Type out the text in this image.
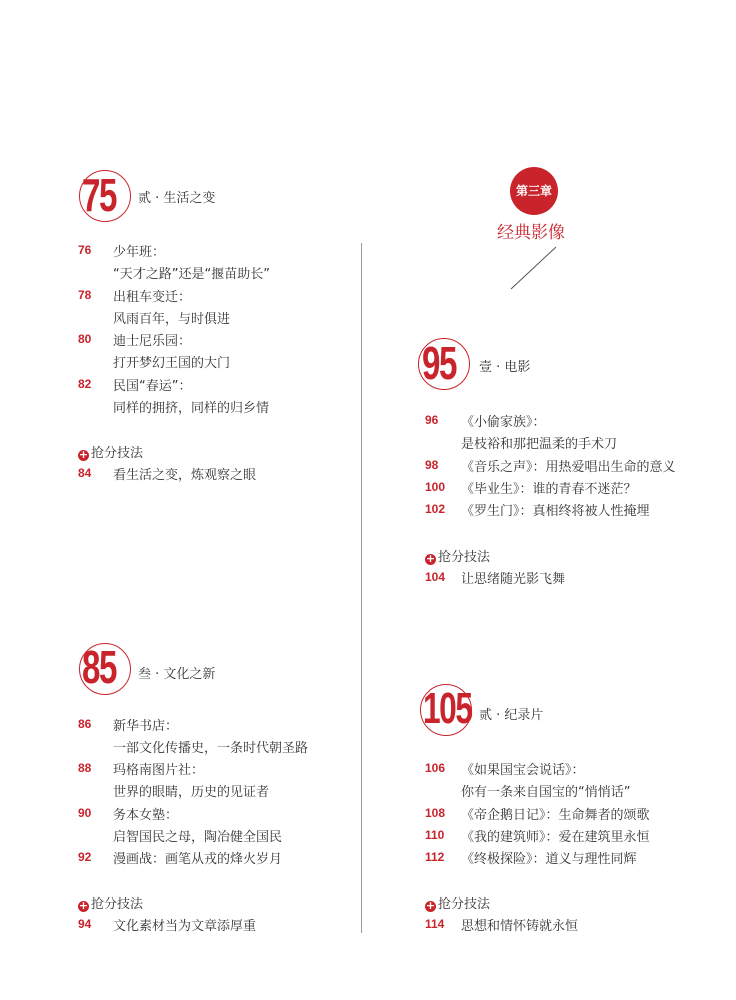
第三章
经典影像
75 贰 · 生活之变
76 少年班：
“天才之路”还是“揠苗助长”
78 出租车变迁：
风雨百年，与时俱进
80 迪士尼乐园：
打开梦幻王国的大门
82 民国“春运”：
同样的拥挤，同样的归乡情
+ 抢分技法
84 看生活之变，炼观察之眼
85 叁 · 文化之新
86 新华书店：
一部文化传播史，一条时代朝圣路
88 玛格南图片社：
世界的眼睛，历史的见证者
90 务本女塾：
启智国民之母，陶冶健全国民
92 漫画战：画笔从戎的烽火岁月
+ 抢分技法
94 文化素材当为文章添厚重
95 壹 · 电影
96 《小偷家族》：
是枝裕和那把温柔的手术刀
98 《音乐之声》：用热爱唱出生命的意义
100 《毕业生》：谁的青春不迷茫？
102 《罗生门》：真相终将被人性掩埋
+ 抢分技法
104 让思绪随光影飞舞
105 贰 · 纪录片
106 《如果国宝会说话》：
你有一条来自国宝的“悄悄话”
108 《帝企鹅日记》：生命舞者的颂歌
110 《我的建筑师》：爱在建筑里永恒
112 《终极探险》：道义与理性同辉
+ 抢分技法
114 思想和情怀铸就永恒
